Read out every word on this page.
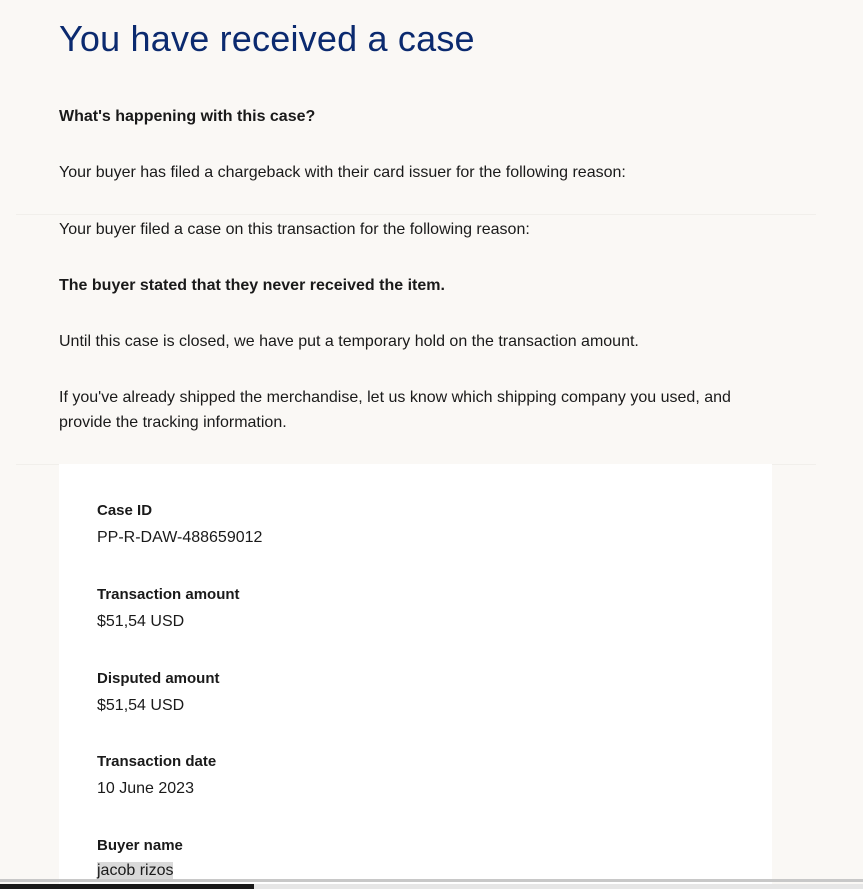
You have received a case

What's happening with this case?

Your buyer has filed a chargeback with their card issuer for the following reason:

Your buyer filed a case on this transaction for the following reason:

The buyer stated that they never received the item.

Until this case is closed, we have put a temporary hold on the transaction amount.

If you've already shipped the merchandise, let us know which shipping company you used, and provide the tracking information.

Case ID

PP-R-DAW-488659012

Transaction amount

$51,54 USD

Disputed amount

$51,54 USD

Transaction date

10 June 2023

Buyer name

jacob rizos
